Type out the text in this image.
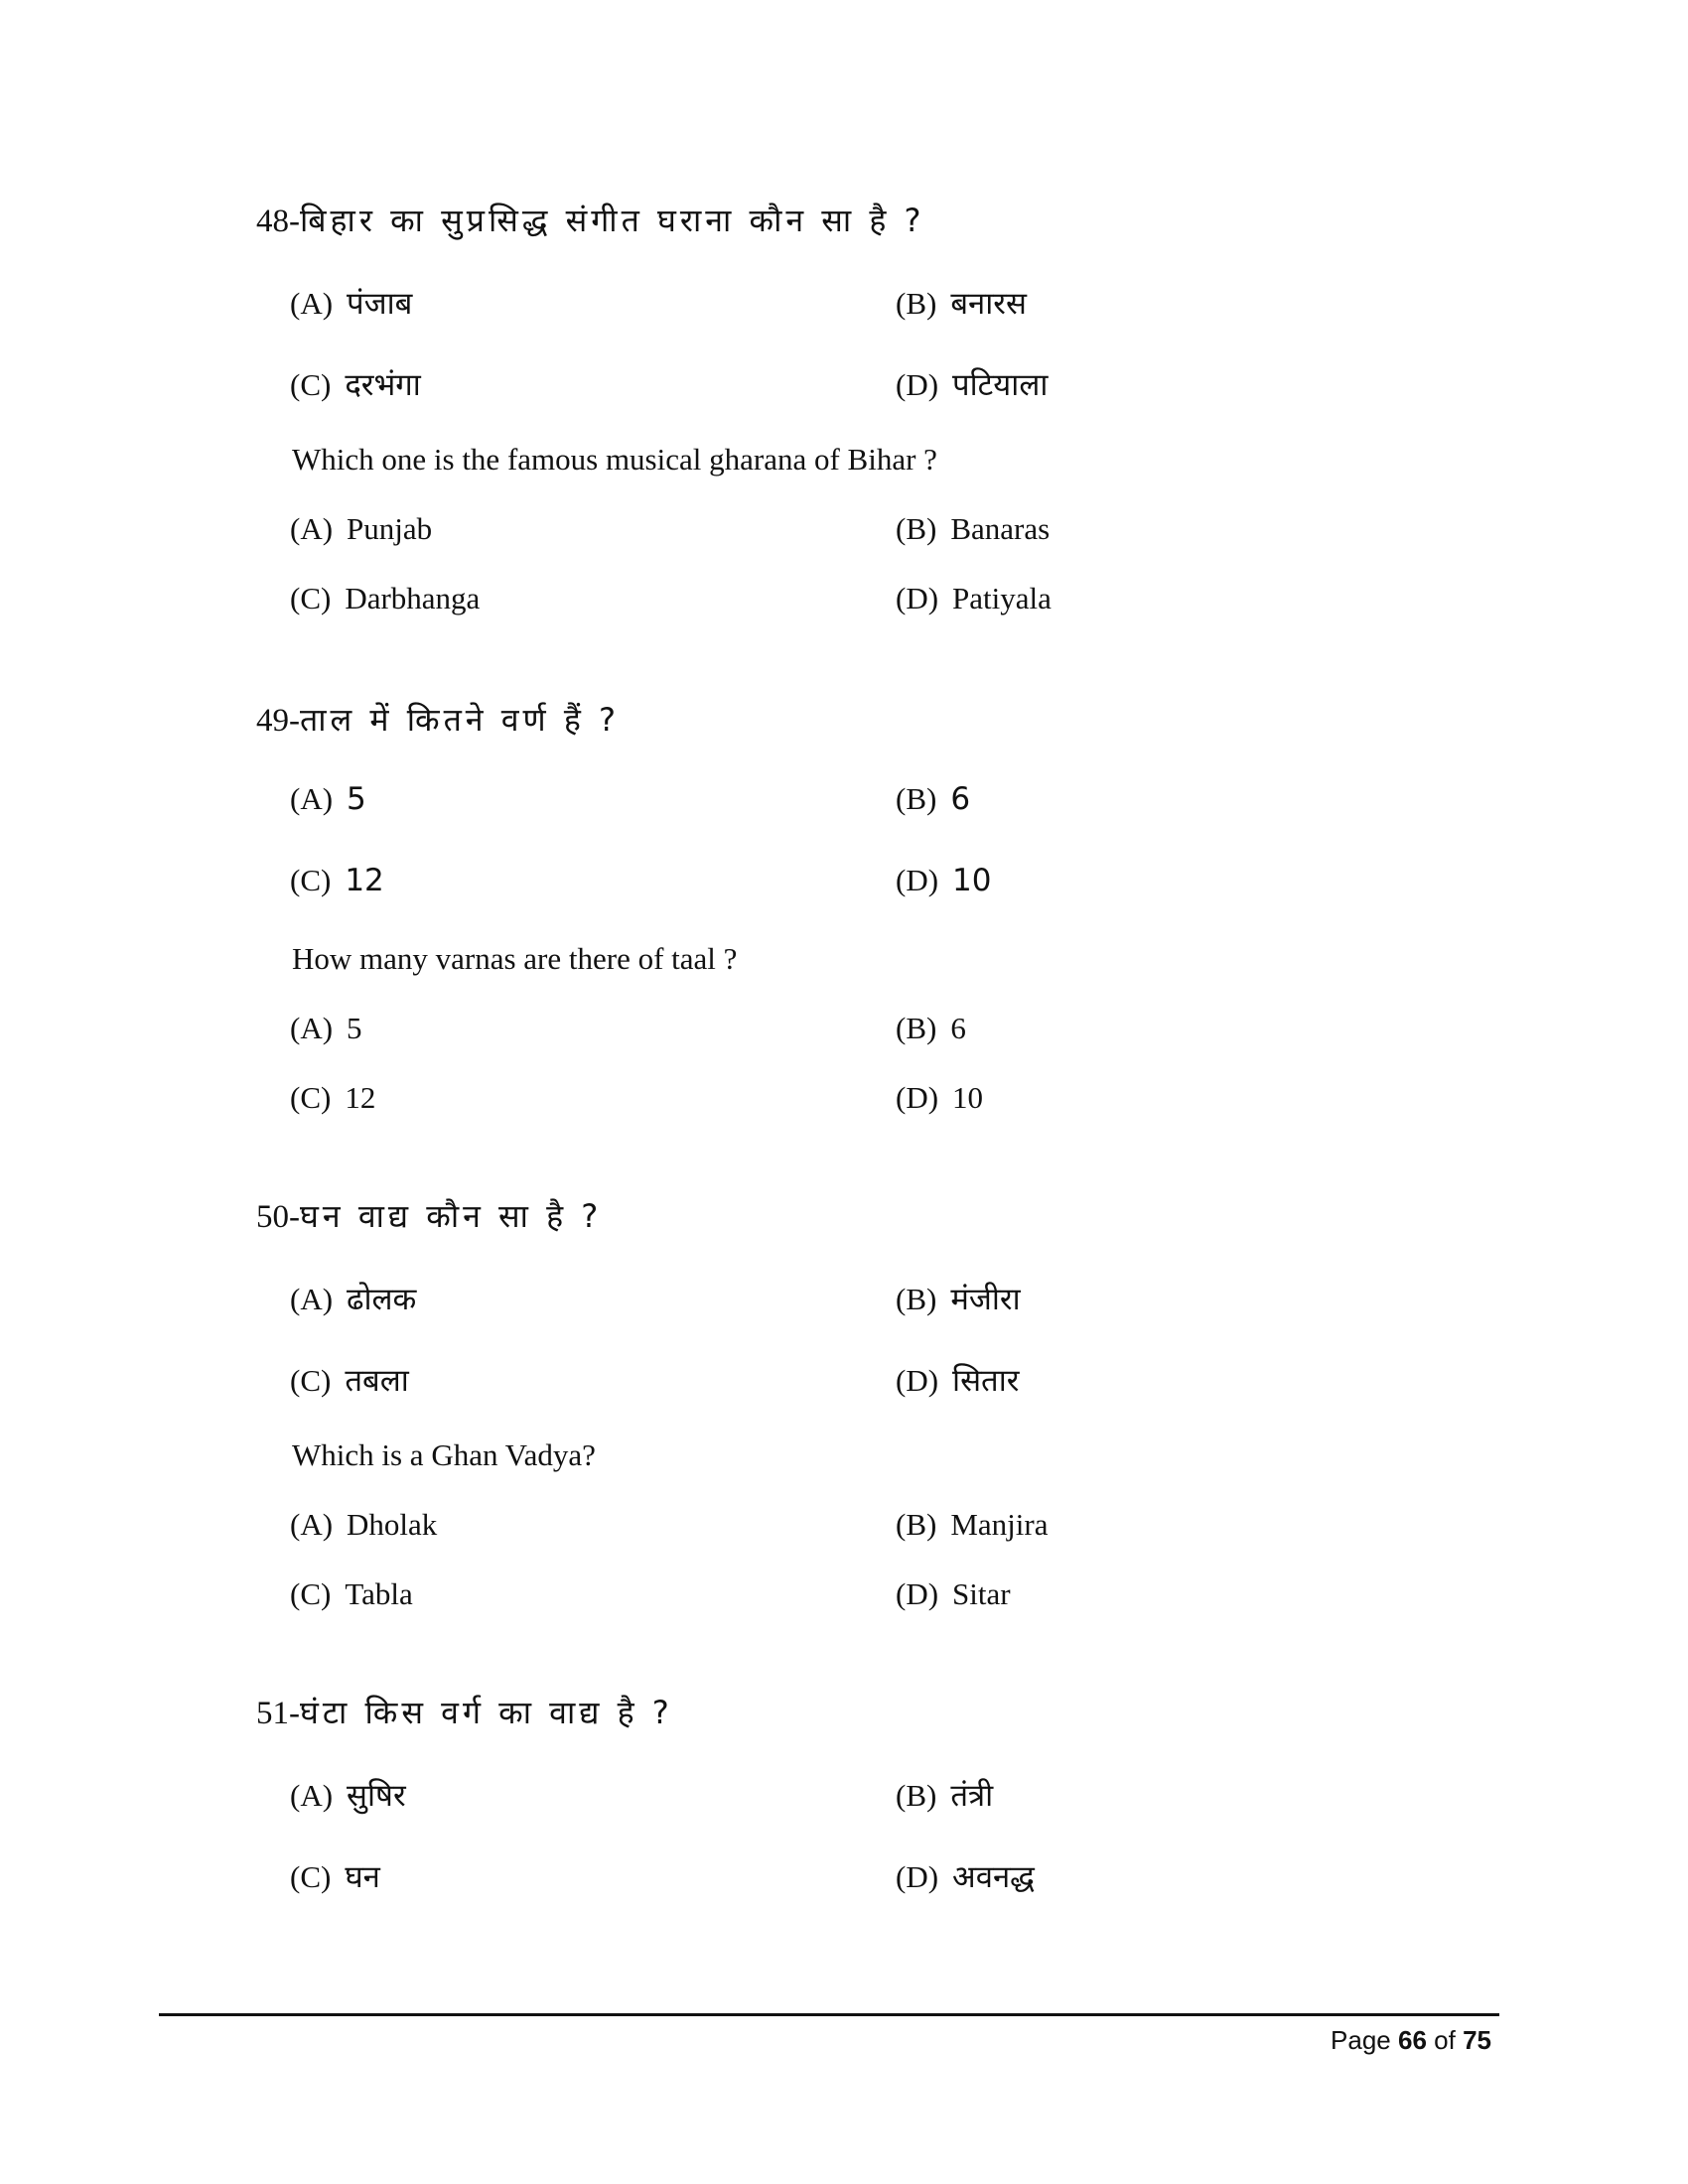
48-बिहार का सुप्रसिद्ध संगीत घराना कौन सा है ?
(A) पंजाब	(B) बनारस
(C) दरभंगा	(D) पटियाला
Which one is the famous musical gharana of Bihar ?
(A) Punjab	(B) Banaras
(C) Darbhanga	(D) Patiyala
49-ताल में कितने वर्ण हैं ?
(A) 5	(B) 6
(C) 12	(D) 10
How many varnas are there of taal ?
(A) 5	(B) 6
(C) 12	(D) 10
50-घन वाद्य कौन सा है ?
(A) ढोलक	(B) मंजीरा
(C) तबला	(D) सितार
Which is a Ghan Vadya?
(A) Dholak	(B) Manjira
(C) Tabla	(D) Sitar
51-घंटा किस वर्ग का वाद्य है ?
(A) सुषिर	(B) तंत्री
(C) घन	(D) अवनद्ध
Page 66 of 75
